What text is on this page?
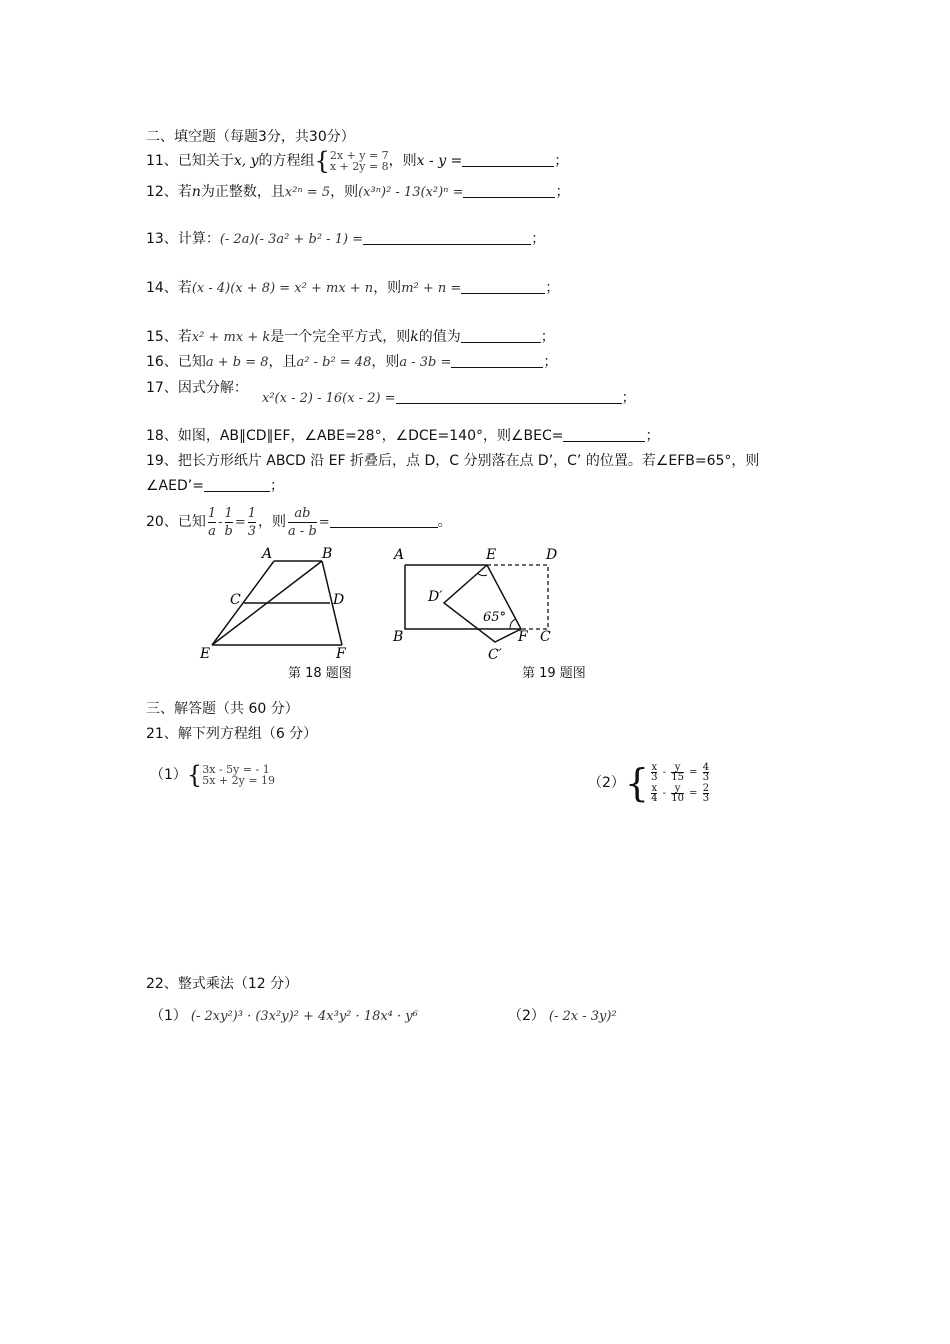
二、填空题（每题3分，共30分）
11、已知关于x, y的方程组{ 2x + y = 7
x + 2y = 8 ，则x - y =	；
12、若n为正整数，且x²ⁿ = 5，则(x³ⁿ)² - 13(x²)ⁿ =	；
13、计算：(- 2a)(- 3a² + b² - 1) =	；
14、若(x - 4)(x + 8) = x² + mx + n，则m² + n =	；
15、若x² + mx + k是一个完全平方式，则k的值为	；
16、已知a + b = 8，且a² - b² = 48，则a - 3b =	；
17、因式分解：
x²(x - 2) - 16(x - 2) =	；
18、如图，AB∥CD∥EF，∠ABE=28°，∠DCE=140°，则∠BEC=	；
19、把长方形纸片 ABCD 沿 EF 折叠后，点 D，C 分别落在点 D’，C’ 的位置。若∠EFB=65°，则
∠AED’=	；
20、已知 $\frac{1}{a} - \frac{1}{b} = \frac{1}{3}$ ，则 $\frac{ab}{a - b}$ =	。
A	B
C	D
E	F
第 18 题图
A	E	D
D′
65°
B	F C
C′
第 19 题图
三、解答题（共 60 分）
21、解下列方程组（6 分）
（1）{ 3x - 5y = - 1
5x + 2y = 19	$(2)\{ \frac{x}{3} - \frac{y}{15} = \frac{4}{3}$
$\frac{x}{4} - \frac{y}{10} = \frac{2}{3}$
22、整式乘法（12 分）
（1） (- 2xy²)³ · (3x²y)² + 4x³y² · 18x⁴ · y⁶	（2） (- 2x - 3y)²
